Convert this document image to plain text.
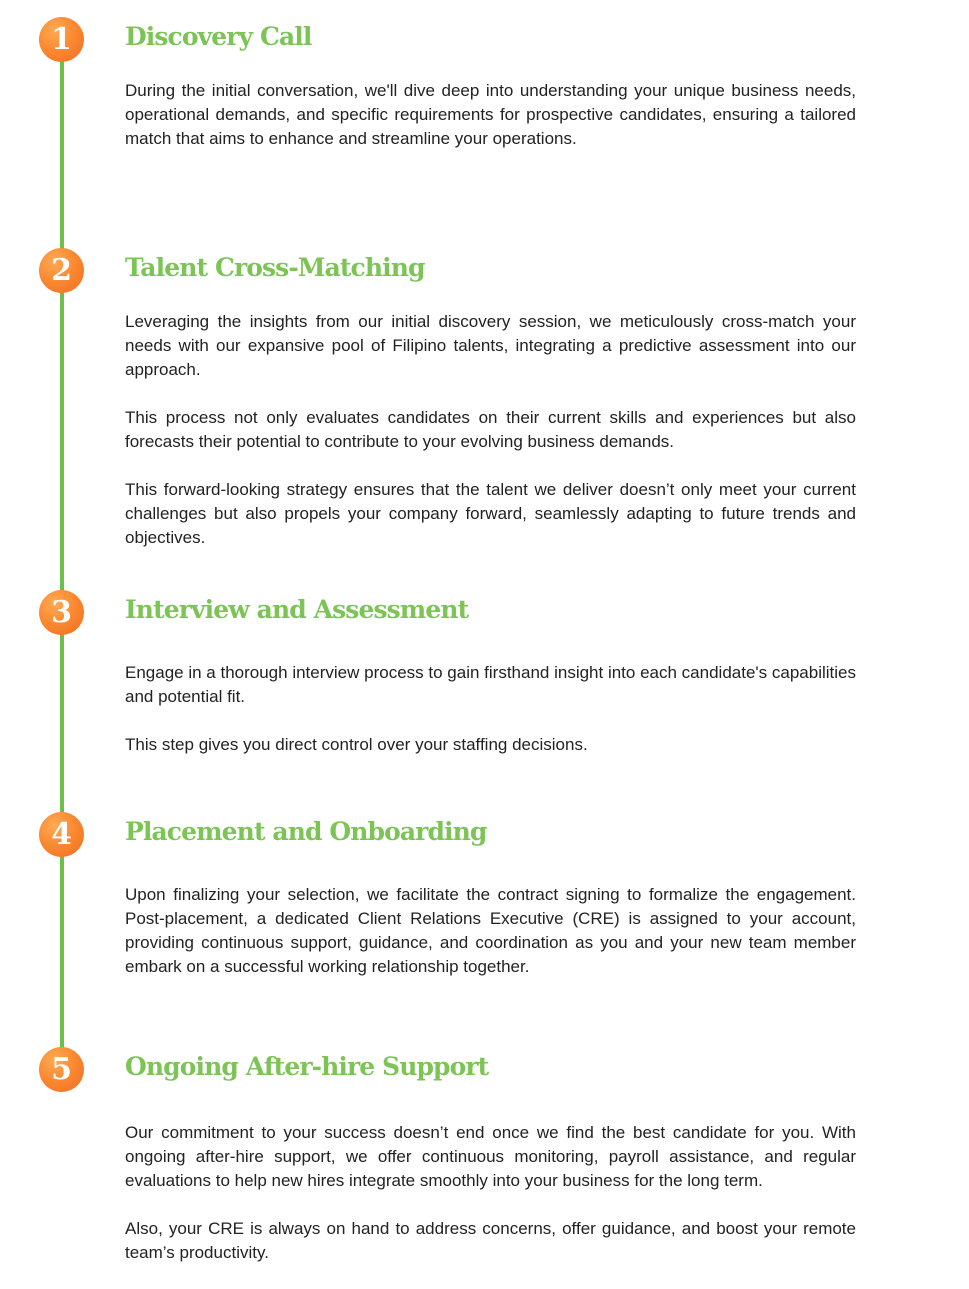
1	Discovery Call

During the initial conversation, we'll dive deep into understanding your unique business needs, operational demands, and specific requirements for prospective candidates, ensuring a tailored match that aims to enhance and streamline your operations.

2	Talent Cross-Matching

Leveraging the insights from our initial discovery session, we meticulously cross-match your needs with our expansive pool of Filipino talents, integrating a predictive assessment into our approach.

This process not only evaluates candidates on their current skills and experiences but also forecasts their potential to contribute to your evolving business demands.

This forward-looking strategy ensures that the talent we deliver doesn’t only meet your current challenges but also propels your company forward, seamlessly adapting to future trends and objectives.

3	Interview and Assessment

Engage in a thorough interview process to gain firsthand insight into each candidate's capabilities and potential fit.

This step gives you direct control over your staffing decisions.

4	Placement and Onboarding

Upon finalizing your selection, we facilitate the contract signing to formalize the engagement. Post-placement, a dedicated Client Relations Executive (CRE) is assigned to your account, providing continuous support, guidance, and coordination as you and your new team member embark on a successful working relationship together.

5	Ongoing After-hire Support

Our commitment to your success doesn’t end once we find the best candidate for you. With ongoing after-hire support, we offer continuous monitoring, payroll assistance, and regular evaluations to help new hires integrate smoothly into your business for the long term.

Also, your CRE is always on hand to address concerns, offer guidance, and boost your remote team’s productivity.
